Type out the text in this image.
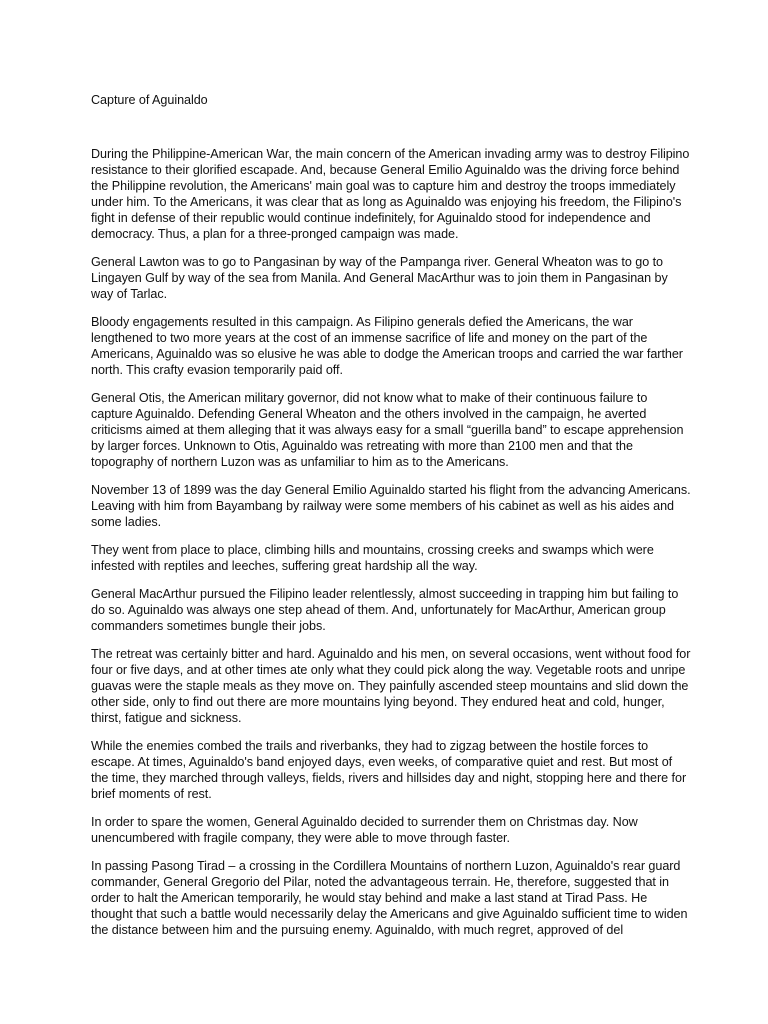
Capture of Aguinaldo

During the Philippine-American War, the main concern of the American invading army was to destroy Filipino resistance to their glorified escapade. And, because General Emilio Aguinaldo was the driving force behind the Philippine revolution, the Americans' main goal was to capture him and destroy the troops immediately under him. To the Americans, it was clear that as long as Aguinaldo was enjoying his freedom, the Filipino's fight in defense of their republic would continue indefinitely, for Aguinaldo stood for independence and democracy. Thus, a plan for a three-pronged campaign was made.

General Lawton was to go to Pangasinan by way of the Pampanga river. General Wheaton was to go to Lingayen Gulf by way of the sea from Manila. And General MacArthur was to join them in Pangasinan by way of Tarlac.

Bloody engagements resulted in this campaign. As Filipino generals defied the Americans, the war lengthened to two more years at the cost of an immense sacrifice of life and money on the part of the Americans, Aguinaldo was so elusive he was able to dodge the American troops and carried the war farther north. This crafty evasion temporarily paid off.

General Otis, the American military governor, did not know what to make of their continuous failure to capture Aguinaldo. Defending General Wheaton and the others involved in the campaign, he averted criticisms aimed at them alleging that it was always easy for a small “guerilla band” to escape apprehension by larger forces. Unknown to Otis, Aguinaldo was retreating with more than 2100 men and that the topography of northern Luzon was as unfamiliar to him as to the Americans.

November 13 of 1899 was the day General Emilio Aguinaldo started his flight from the advancing Americans. Leaving with him from Bayambang by railway were some members of his cabinet as well as his aides and some ladies.

They went from place to place, climbing hills and mountains, crossing creeks and swamps which were infested with reptiles and leeches, suffering great hardship all the way.

General MacArthur pursued the Filipino leader relentlessly, almost succeeding in trapping him but failing to do so. Aguinaldo was always one step ahead of them. And, unfortunately for MacArthur, American group commanders sometimes bungle their jobs.

The retreat was certainly bitter and hard. Aguinaldo and his men, on several occasions, went without food for four or five days, and at other times ate only what they could pick along the way. Vegetable roots and unripe guavas were the staple meals as they move on. They painfully ascended steep mountains and slid down the other side, only to find out there are more mountains lying beyond. They endured heat and cold, hunger, thirst, fatigue and sickness.

While the enemies combed the trails and riverbanks, they had to zigzag between the hostile forces to escape. At times, Aguinaldo's band enjoyed days, even weeks, of comparative quiet and rest. But most of the time, they marched through valleys, fields, rivers and hillsides day and night, stopping here and there for brief moments of rest.

In order to spare the women, General Aguinaldo decided to surrender them on Christmas day. Now unencumbered with fragile company, they were able to move through faster.

In passing Pasong Tirad – a crossing in the Cordillera Mountains of northern Luzon, Aguinaldo's rear guard commander, General Gregorio del Pilar, noted the advantageous terrain. He, therefore, suggested that in order to halt the American temporarily, he would stay behind and make a last stand at Tirad Pass. He thought that such a battle would necessarily delay the Americans and give Aguinaldo sufficient time to widen the distance between him and the pursuing enemy. Aguinaldo, with much regret, approved of del
